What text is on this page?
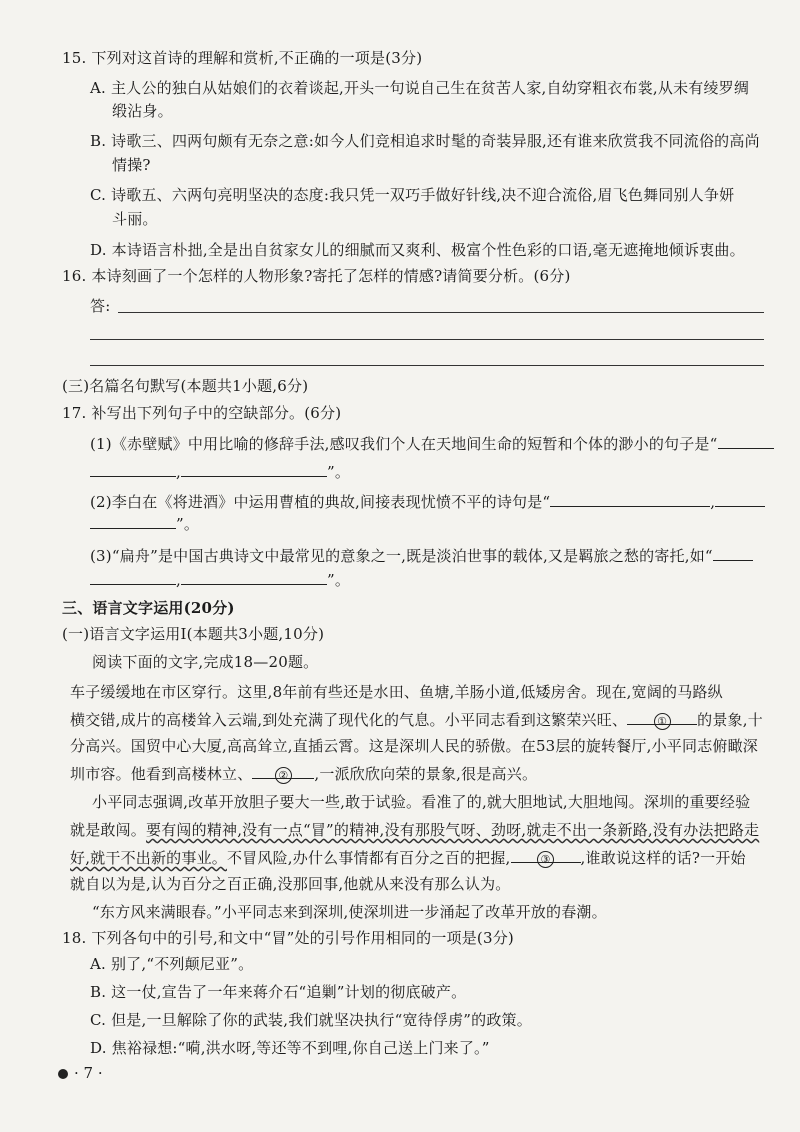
15. 下列对这首诗的理解和赏析,不正确的一项是(3分)
A. 主人公的独白从姑娘们的衣着谈起,开头一句说自己生在贫苦人家,自幼穿粗衣布裳,从未有绫罗绸
缎沾身。
B. 诗歌三、四两句颇有无奈之意:如今人们竞相追求时髦的奇装异服,还有谁来欣赏我不同流俗的高尚
情操?
C. 诗歌五、六两句亮明坚决的态度:我只凭一双巧手做好针线,决不迎合流俗,眉飞色舞同别人争妍
斗丽。
D. 本诗语言朴拙,全是出自贫家女儿的细腻而又爽利、极富个性色彩的口语,毫无遮掩地倾诉衷曲。
16. 本诗刻画了一个怎样的人物形象?寄托了怎样的情感?请简要分析。(6分)
答:
(三)名篇名句默写(本题共1小题,6分)
17. 补写出下列句子中的空缺部分。(6分)
(1)《赤壁赋》中用比喻的修辞手法,感叹我们个人在天地间生命的短暂和个体的渺小的句子是“
,	”。
(2)李白在《将进酒》中运用曹植的典故,间接表现忧愤不平的诗句是“	,
”。
(3)“扁舟”是中国古典诗文中最常见的意象之一,既是淡泊世事的载体,又是羁旅之愁的寄托,如“
,	”。
三、语言文字运用(20分)
(一)语言文字运用Ⅰ(本题共3小题,10分)
阅读下面的文字,完成18—20题。
车子缓缓地在市区穿行。这里,8年前有些还是水田、鱼塘,羊肠小道,低矮房舍。现在,宽阔的马路纵
横交错,成片的高楼耸入云端,到处充满了现代化的气息。小平同志看到这繁荣兴旺、	① 的景象,十
分高兴。国贸中心大厦,高高耸立,直插云霄。这是深圳人民的骄傲。在53层的旋转餐厅,小平同志俯瞰深
圳市容。他看到高楼林立、 ② ,一派欣欣向荣的景象,很是高兴。
小平同志强调,改革开放胆子要大一些,敢于试验。看准了的,就大胆地试,大胆地闯。深圳的重要经验
就是敢闯。要有闯的精神,没有一点“冒”的精神,没有那股气呀、劲呀,就走不出一条新路,没有办法把路走
好,就干不出新的事业。不冒风险,办什么事情都有百分之百的把握,	③ ,谁敢说这样的话?一开始
就自以为是,认为百分之百正确,没那回事,他就从来没有那么认为。
“东方风来满眼春。”小平同志来到深圳,使深圳进一步涌起了改革开放的春潮。
18. 下列各句中的引号,和文中“冒”处的引号作用相同的一项是(3分)
A. 别了,“不列颠尼亚”。
B. 这一仗,宣告了一年来蒋介石“追剿”计划的彻底破产。
C. 但是,一旦解除了你的武装,我们就坚决执行“宽待俘虏”的政策。
D. 焦裕禄想:“嗬,洪水呀,等还等不到哩,你自己送上门来了。”
· 7 ·
